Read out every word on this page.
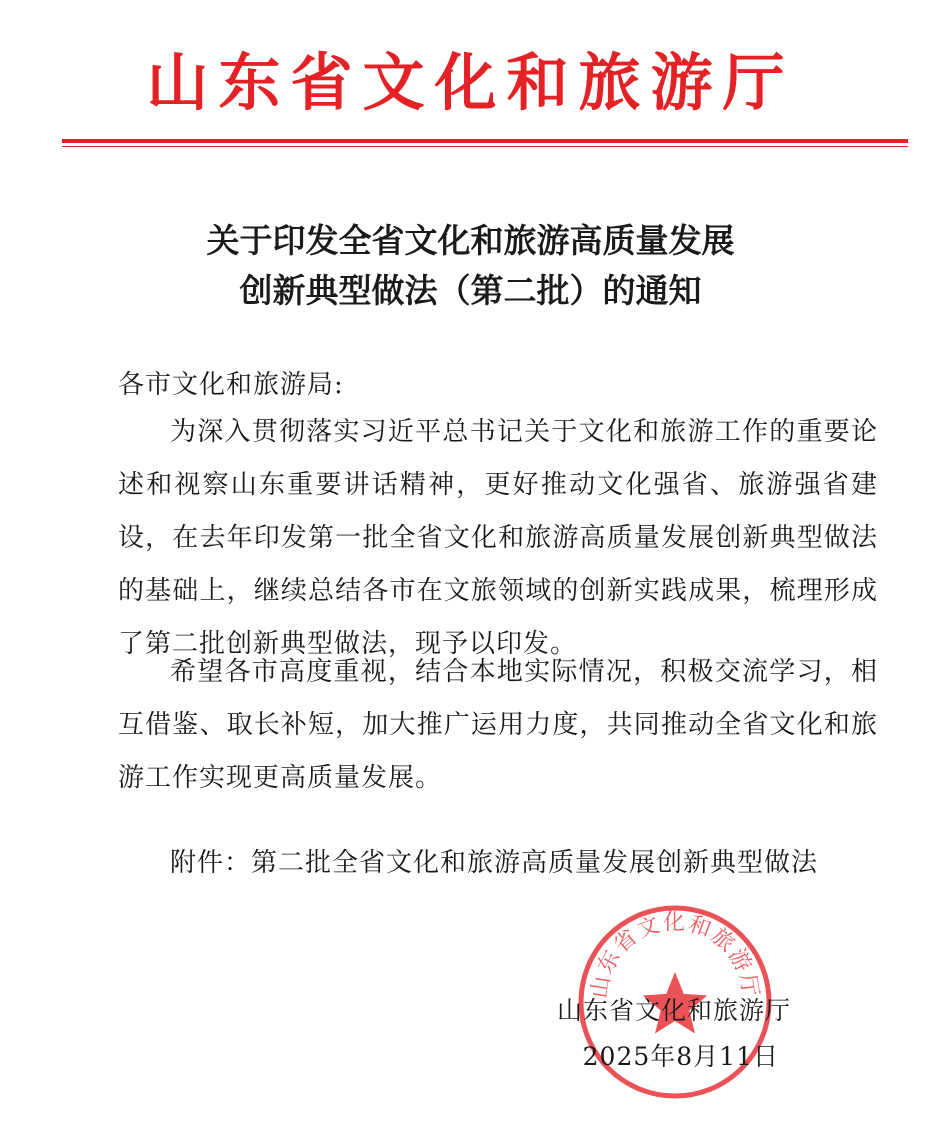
山东省文化和旅游厅
关于印发全省文化和旅游高质量发展
创新典型做法（第二批）的通知
各市文化和旅游局:

为深入贯彻落实习近平总书记关于文化和旅游工作的重要论述和视察山东重要讲话精神，更好推动文化强省、旅游强省建设，在去年印发第一批全省文化和旅游高质量发展创新典型做法的基础上，继续总结各市在文旅领域的创新实践成果，梳理形成了第二批创新典型做法，现予以印发。

希望各市高度重视，结合本地实际情况，积极交流学习，相互借鉴、取长补短，加大推广运用力度，共同推动全省文化和旅游工作实现更高质量发展。

附件：第二批全省文化和旅游高质量发展创新典型做法
山东省文化和旅游厅
山东省文化和旅游厅
2025年8月11日
